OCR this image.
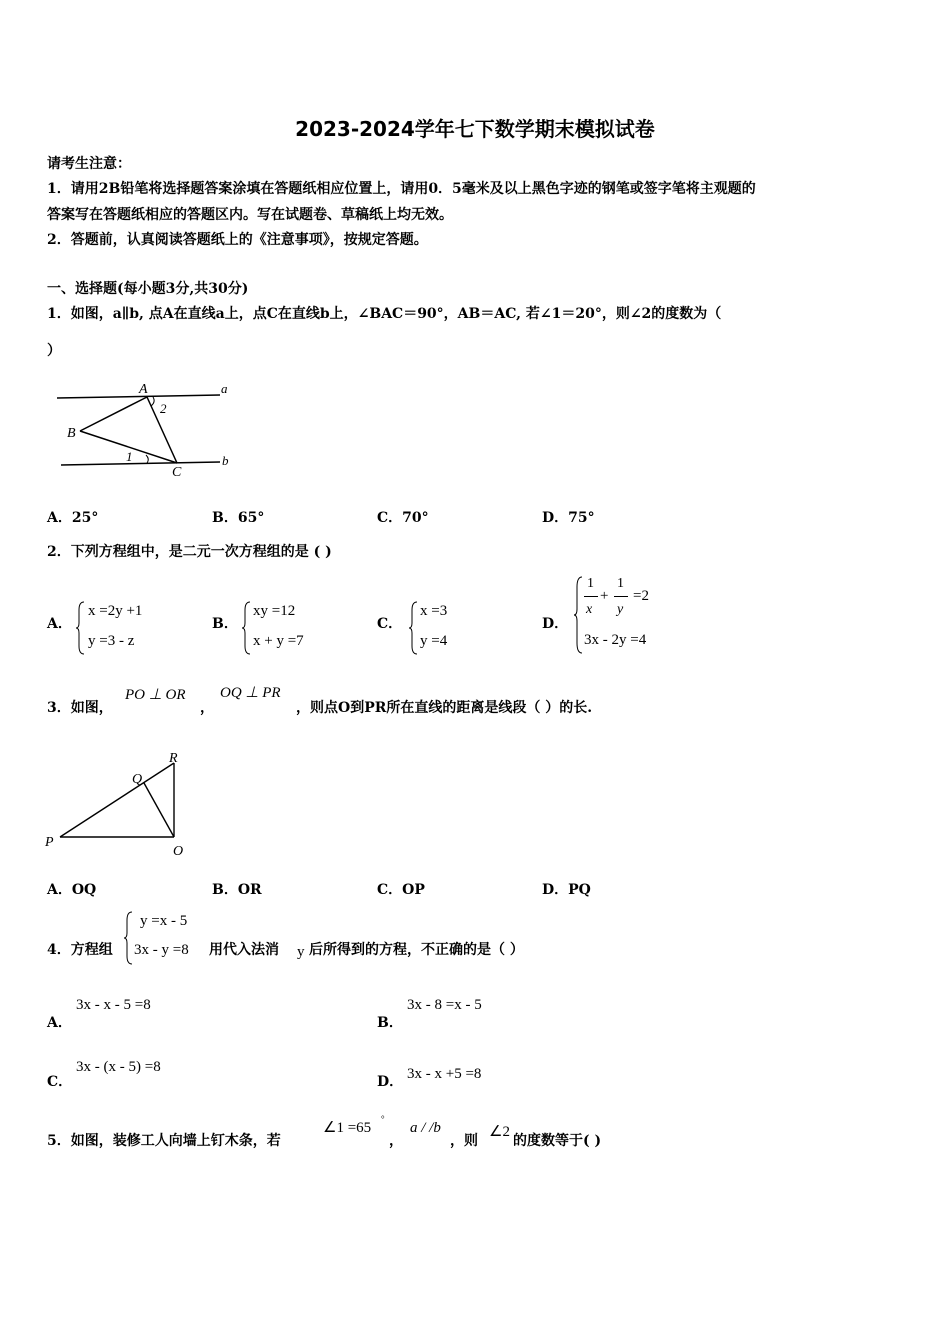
2023-2024学年七下数学期末模拟试卷
请考生注意：
1．请用2B铅笔将选择题答案涂填在答题纸相应位置上，请用0．5毫米及以上黑色字迹的钢笔或签字笔将主观题的
答案写在答题纸相应的答题区内。写在试题卷、草稿纸上均无效。
2．答题前，认真阅读答题纸上的《注意事项》，按规定答题。
一、选择题(每小题3分,共30分)
1．如图，a∥b, 点A在直线a上，点C在直线b上，∠BAC＝90°，AB＝AC, 若∠1＝20°，则∠2的度数为（
）
A
B
C
a
b
1
2
A．25°	B．65°	C．70°	D．75°
2．下列方程组中，是二元一次方程组的是 ( )
A．
x =2y +1
y =3 - z
B．
xy =12
x + y =7
C．
x =3
y =4
D．
1
x
+
1
y
=2
3x - 2y =4
3．如图，
PO ⊥ OR
，
OQ ⊥ PR
，则点O到PR所在直线的距离是线段（ ）的长.
P
Q
R
O
A．OQ	B．OR	C．OP	D．PQ
4．方程组
y =x - 5
3x - y =8 用代入法消 y 后所得到的方程，不正确的是（ ）
A．
3x - x - 5 =8
B．
3x - 8 =x - 5
C．
3x - (x - 5) =8
D． 3x - x +5 =8
5．如图，装修工人向墙上钉木条，若
∠1 =65
°
，
a / /b
，则
∠2
的度数等于( )
